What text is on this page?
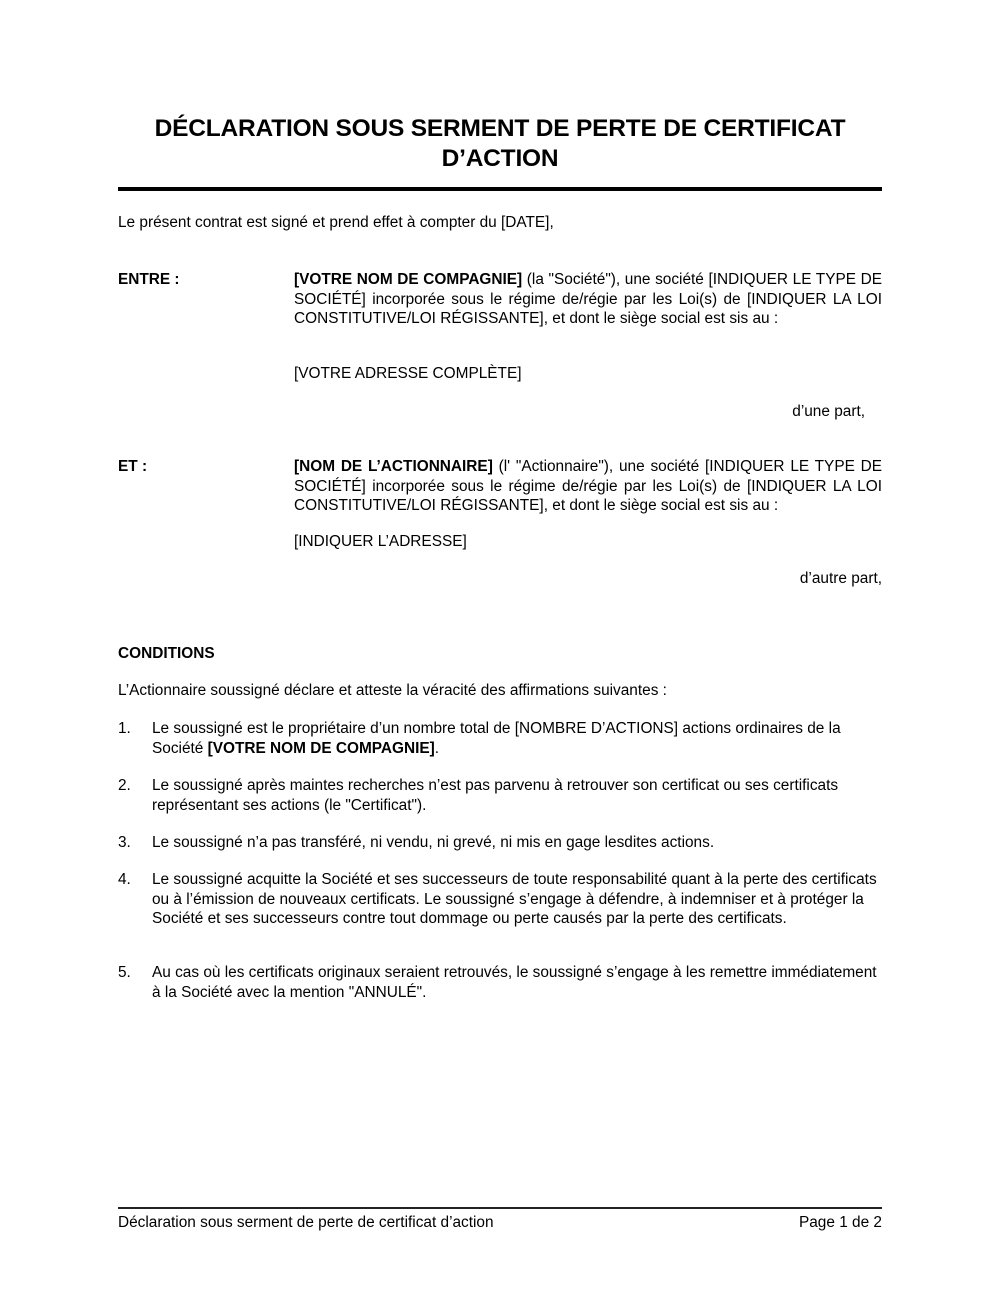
DÉCLARATION SOUS SERMENT DE PERTE DE CERTIFICAT
D’ACTION
Le présent contrat est signé et prend effet à compter du [DATE],
ENTRE :	[VOTRE NOM DE COMPAGNIE] (la "Société"), une société [INDIQUER LE TYPE DE SOCIÉTÉ] incorporée sous le régime de/régie par les Loi(s) de [INDIQUER LA LOI CONSTITUTIVE/LOI RÉGISSANTE], et dont le siège social est sis au :
[VOTRE ADRESSE COMPLÈTE]
d’une part,
ET :	[NOM DE L’ACTIONNAIRE] (l' "Actionnaire"), une société [INDIQUER LE TYPE DE SOCIÉTÉ] incorporée sous le régime de/régie par les Loi(s) de [INDIQUER LA LOI CONSTITUTIVE/LOI RÉGISSANTE], et dont le siège social est sis au :
[INDIQUER L’ADRESSE]
d’autre part,
CONDITIONS
L’Actionnaire soussigné déclare et atteste la véracité des affirmations suivantes :
1. Le soussigné est le propriétaire d’un nombre total de [NOMBRE D’ACTIONS] actions ordinaires de la Société [VOTRE NOM DE COMPAGNIE].
2. Le soussigné après maintes recherches n’est pas parvenu à retrouver son certificat ou ses certificats représentant ses actions (le "Certificat").
3. Le soussigné n’a pas transféré, ni vendu, ni grevé, ni mis en gage lesdites actions.
4. Le soussigné acquitte la Société et ses successeurs de toute responsabilité quant à la perte des certificats ou à l’émission de nouveaux certificats. Le soussigné s’engage à défendre, à indemniser et à protéger la Société et ses successeurs contre tout dommage ou perte causés par la perte des certificats.
5. Au cas où les certificats originaux seraient retrouvés, le soussigné s’engage à les remettre immédiatement à la Société avec la mention "ANNULÉ".
Déclaration sous serment de perte de certificat d’action	Page 1 de 2
